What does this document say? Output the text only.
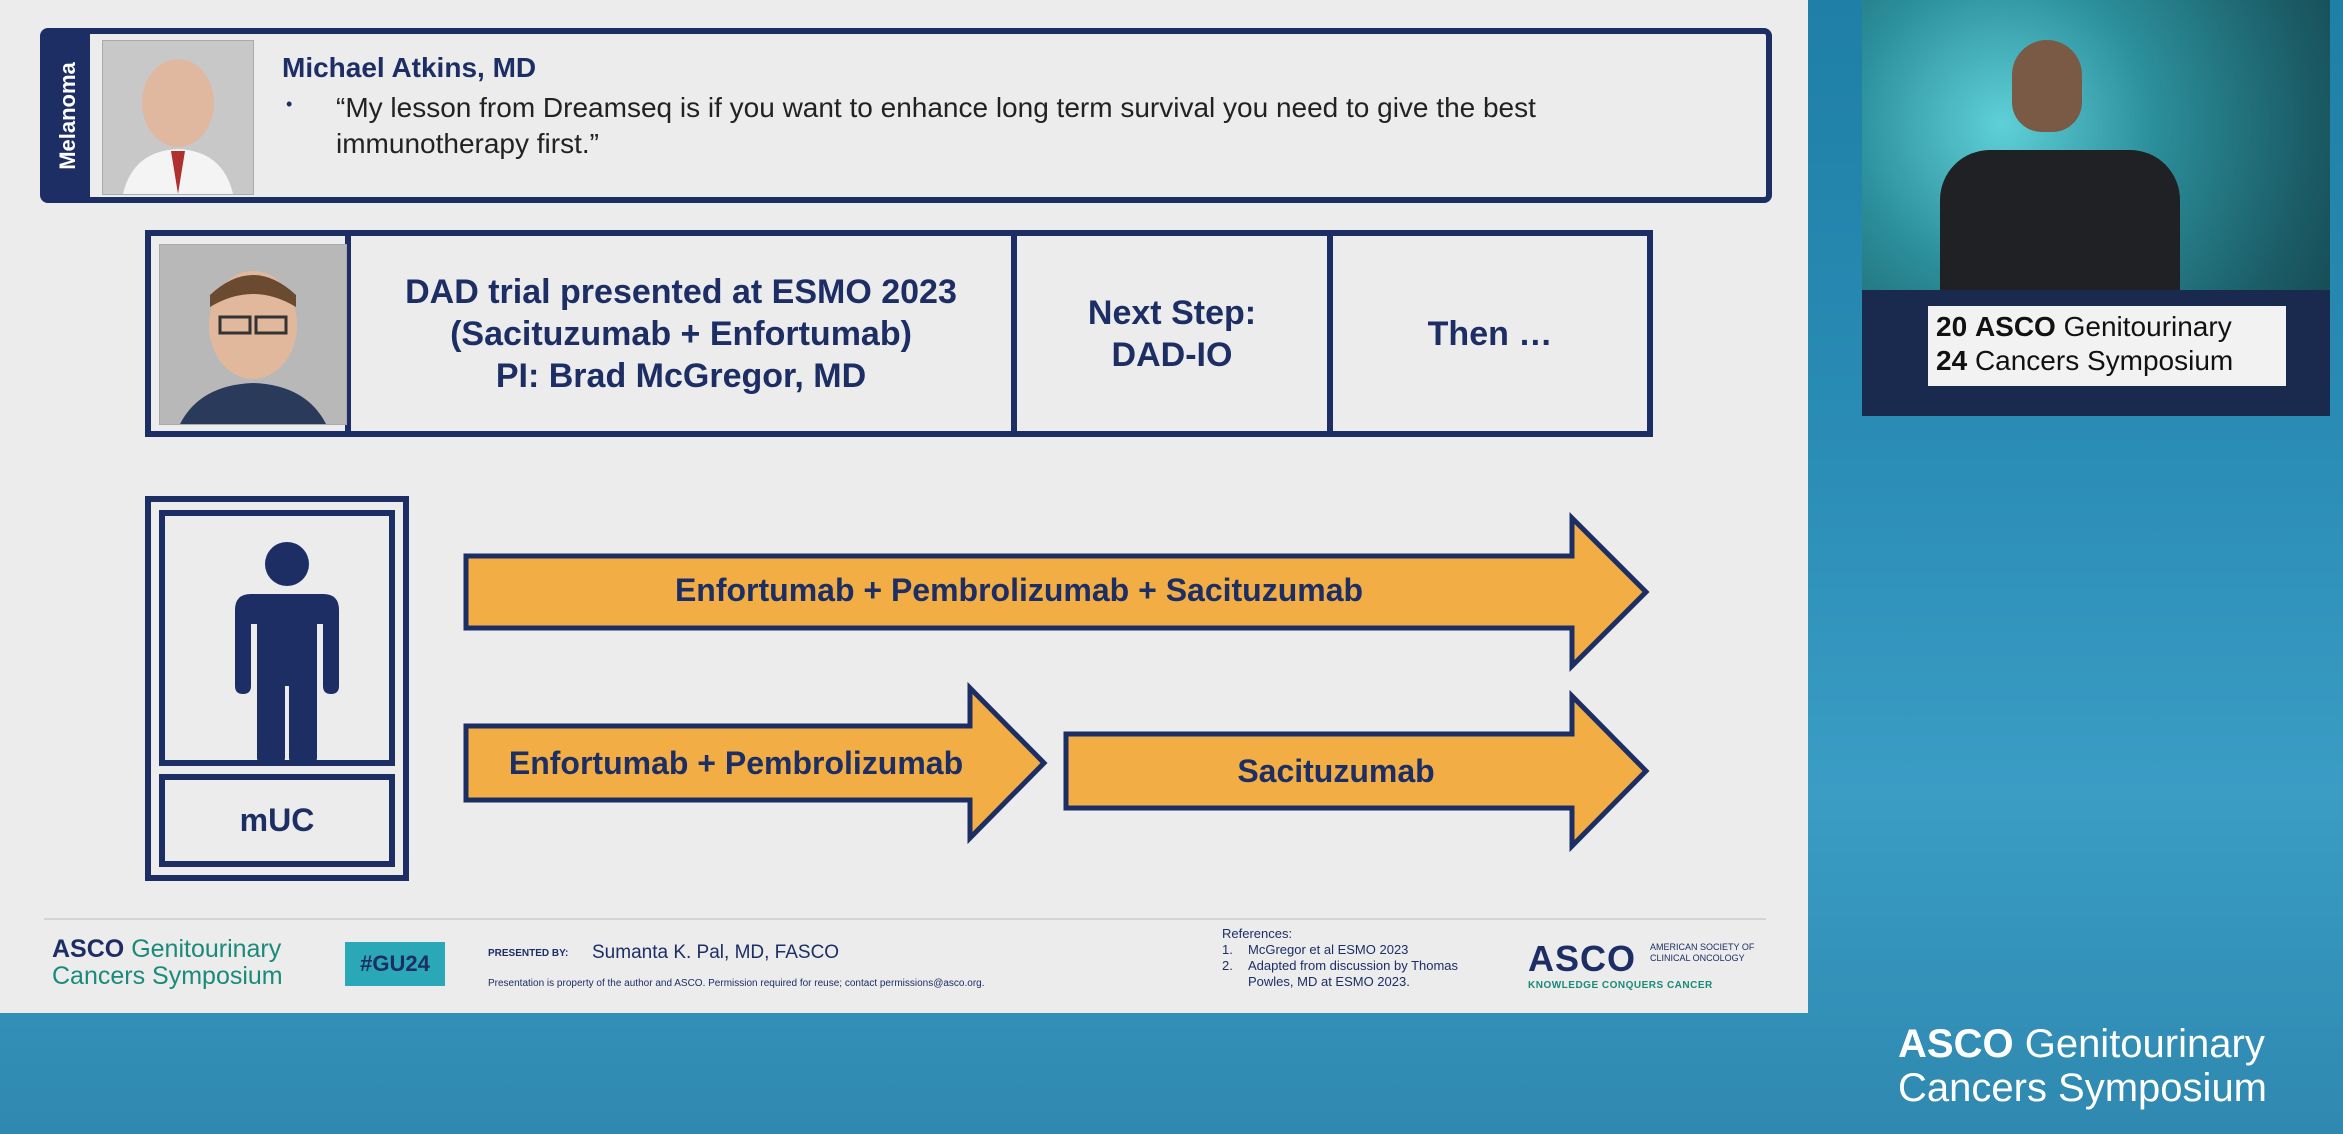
Melanoma	Michael Atkins, MD
• “My lesson from Dreamseq is if you want to enhance long term survival you need to give the best immunotherapy first.”
DAD trial presented at ESMO 2023
(Sacituzumab + Enfortumab)
PI: Brad McGregor, MD
Next Step:
DAD-IO
Then …
mUC
Enfortumab + Pembrolizumab + Sacituzumab
Enfortumab + Pembrolizumab	Sacituzumab
ASCO Genitourinary
Cancers Symposium	#GU24	PRESENTED BY: Sumanta K. Pal, MD, FASCO
Presentation is property of the author and ASCO. Permission required for reuse; contact permissions@asco.org.
References:
1.	McGregor et al ESMO 2023
2.	Adapted from discussion by Thomas Powles, MD at ESMO 2023.
ASCO AMERICAN SOCIETY OF CLINICAL ONCOLOGY
KNOWLEDGE CONQUERS CANCER
20 ASCO Genitourinary
24 Cancers Symposium
ASCO Genitourinary
Cancers Symposium
